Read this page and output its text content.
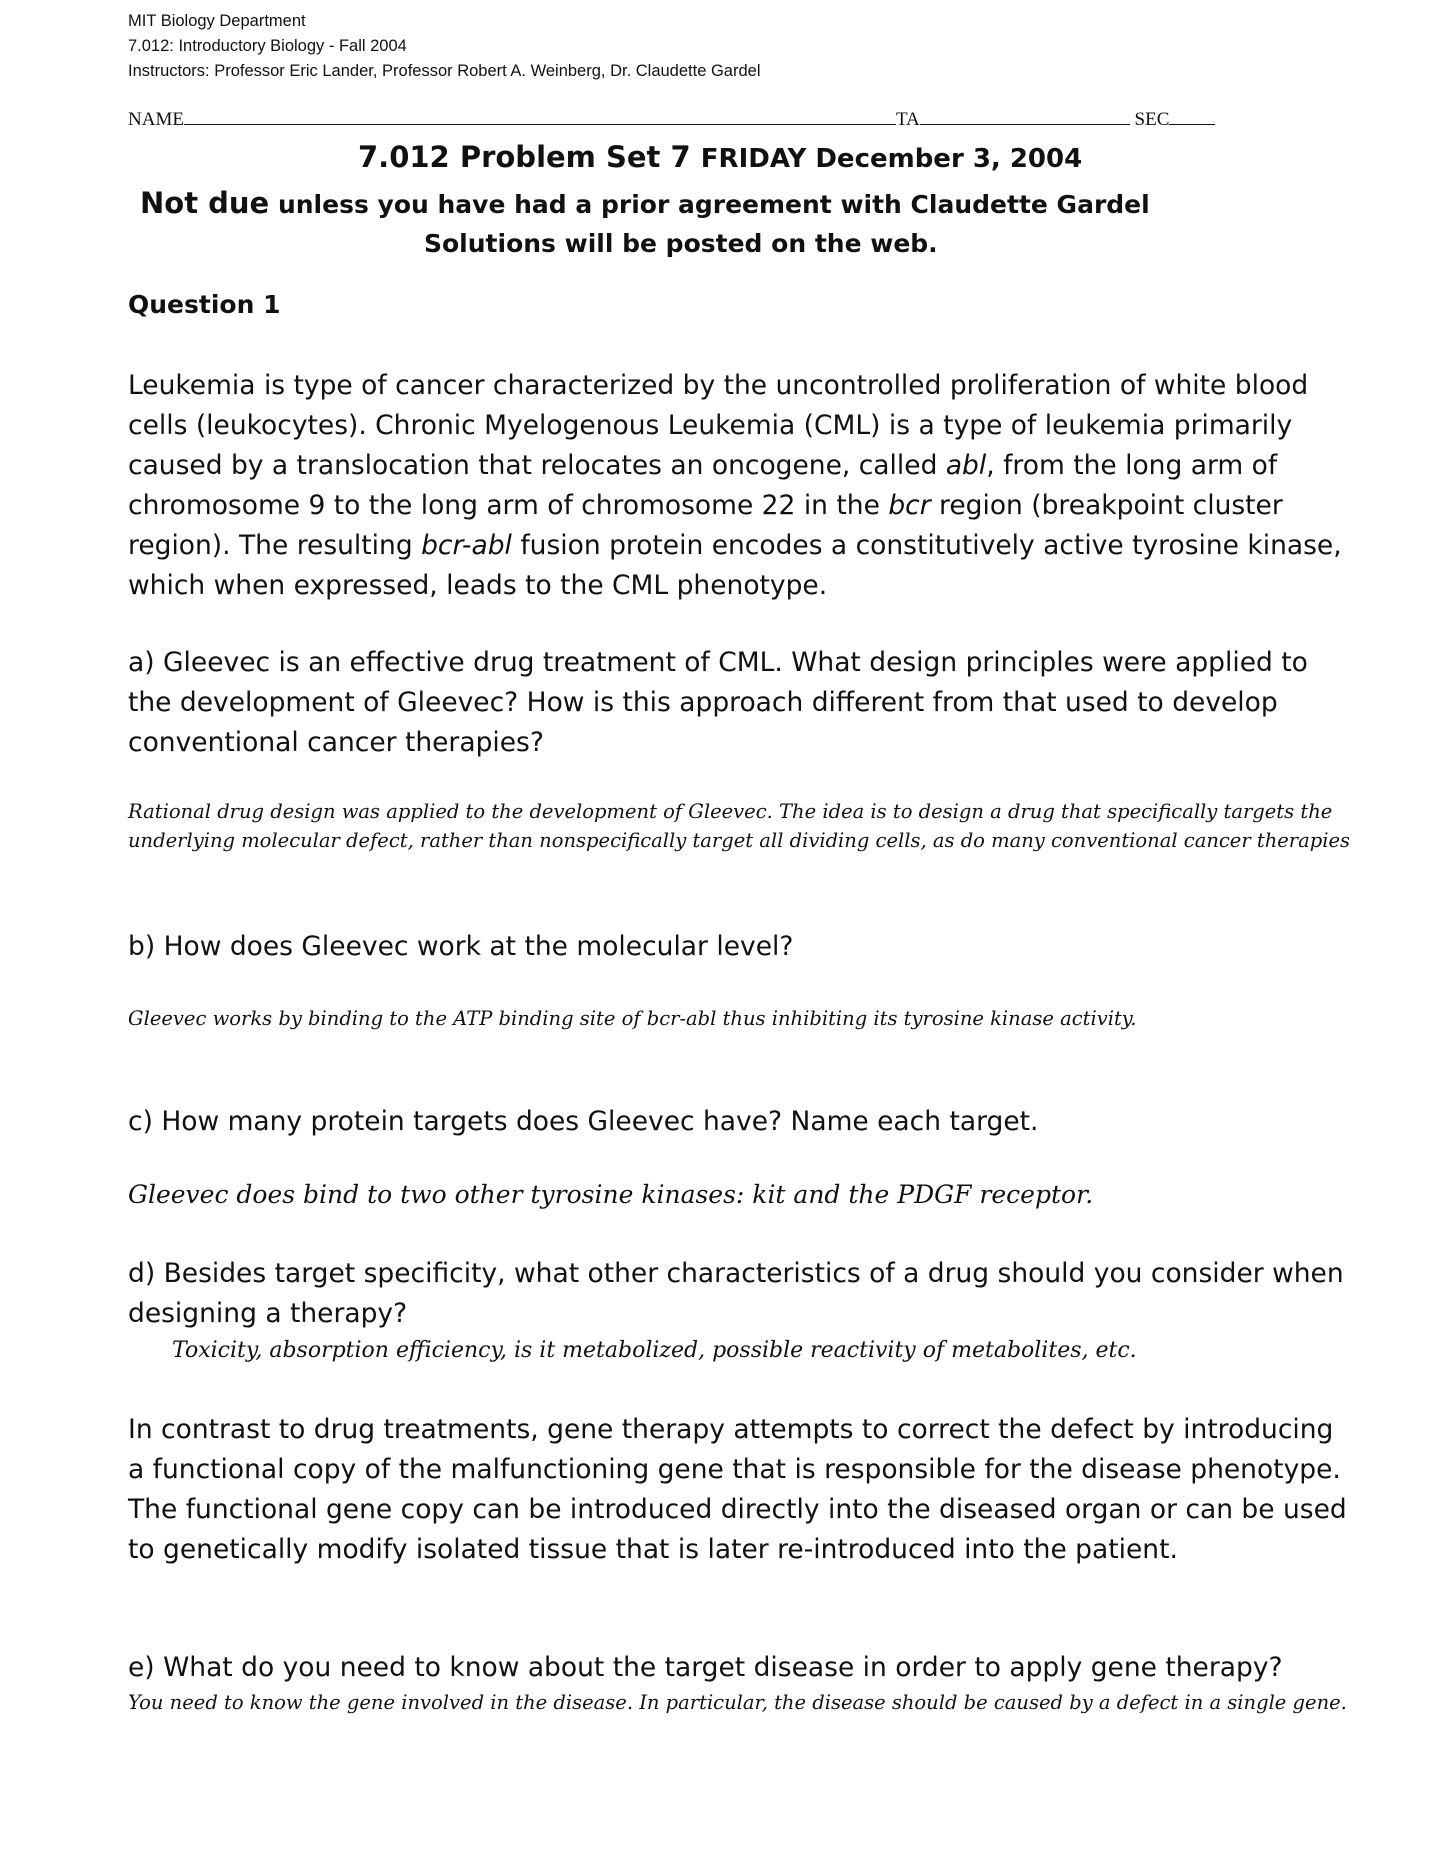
MIT Biology Department
7.012: Introductory Biology - Fall 2004
Instructors: Professor Eric Lander, Professor Robert A. Weinberg, Dr. Claudette Gardel
NAME	TA	SEC
7.012 Problem Set 7 FRIDAY December 3, 2004
Not due unless you have had a prior agreement with Claudette Gardel
Solutions will be posted on the web.
Question 1
Leukemia is type of cancer characterized by the uncontrolled proliferation of white blood cells (leukocytes). Chronic Myelogenous Leukemia (CML) is a type of leukemia primarily caused by a translocation that relocates an oncogene, called abl, from the long arm of chromosome 9 to the long arm of chromosome 22 in the bcr region (breakpoint cluster region). The resulting bcr-abl fusion protein encodes a constitutively active tyrosine kinase, which when expressed, leads to the CML phenotype.
a) Gleevec is an effective drug treatment of CML. What design principles were applied to the development of Gleevec? How is this approach different from that used to develop conventional cancer therapies?
Rational drug design was applied to the development of Gleevec. The idea is to design a drug that specifically targets the underlying molecular defect, rather than nonspecifically target all dividing cells, as do many conventional cancer therapies
b) How does Gleevec work at the molecular level?
Gleevec works by binding to the ATP binding site of bcr-abl thus inhibiting its tyrosine kinase activity.
c) How many protein targets does Gleevec have? Name each target.
Gleevec does bind to two other tyrosine kinases: kit and the PDGF receptor.
d) Besides target specificity, what other characteristics of a drug should you consider when designing a therapy?
Toxicity, absorption efficiency, is it metabolized, possible reactivity of metabolites, etc.
In contrast to drug treatments, gene therapy attempts to correct the defect by introducing a functional copy of the malfunctioning gene that is responsible for the disease phenotype. The functional gene copy can be introduced directly into the diseased organ or can be used to genetically modify isolated tissue that is later re-introduced into the patient.
e) What do you need to know about the target disease in order to apply gene therapy?
You need to know the gene involved in the disease. In particular, the disease should be caused by a defect in a single gene.
